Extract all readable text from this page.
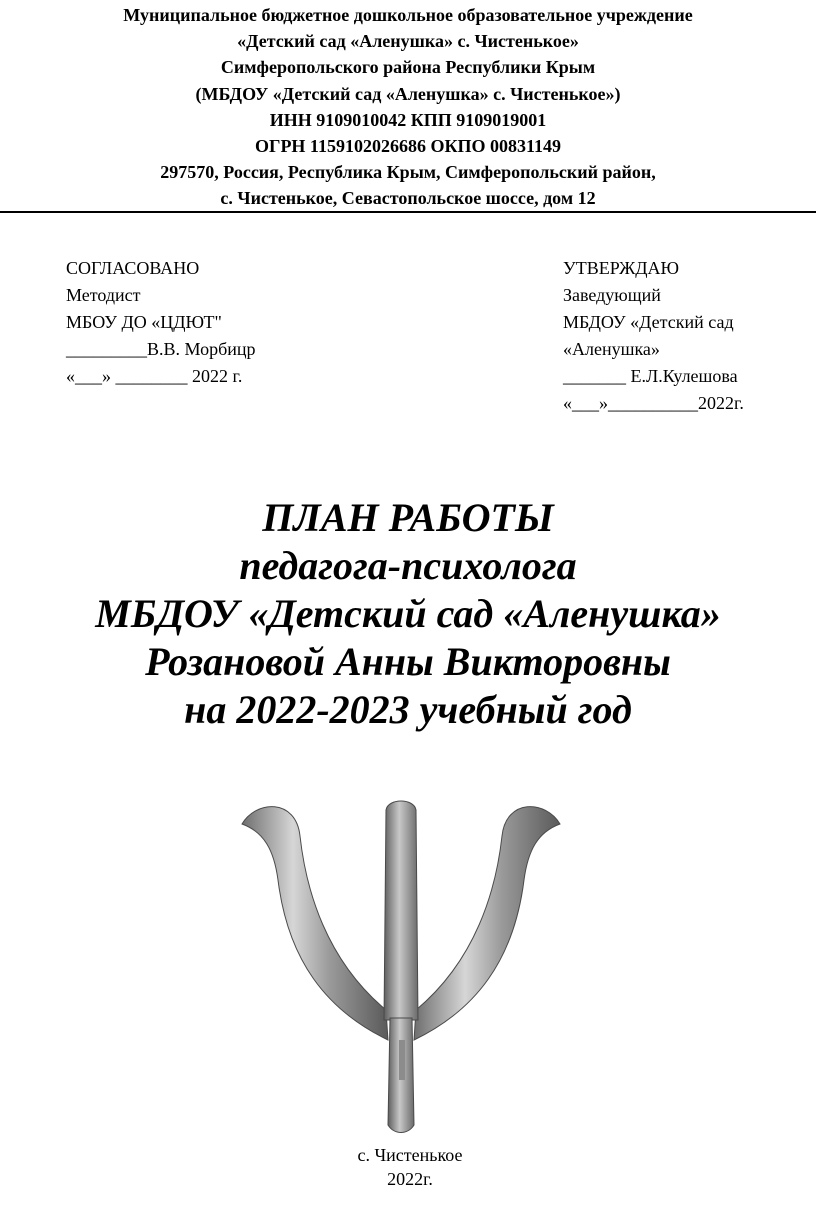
Муниципальное бюджетное дошкольное образовательное учреждение
«Детский сад «Аленушка» с. Чистенькое»
Симферопольского района Республики Крым
(МБДОУ «Детский сад «Аленушка» с. Чистенькое»)
ИНН 9109010042 КПП 9109019001
ОГРН 1159102026686 ОКПО 00831149
297570, Россия, Республика Крым, Симферопольский район,
с. Чистенькое, Севастопольское шоссе, дом 12
СОГЛАСОВАНО
Методист
МБОУ ДО «ЦДЮТ"
_________В.В. Морбицр
«___» ________ 2022 г.
УТВЕРЖДАЮ
Заведующий
МБДОУ «Детский сад
«Аленушка»
_______ Е.Л.Кулешова
«___»__________2022г.
ПЛАН РАБОТЫ
педагога-психолога
МБДОУ «Детский сад «Аленушка»
Розановой Анны Викторовны
на 2022-2023 учебный год
с. Чистенькое
2022г.
